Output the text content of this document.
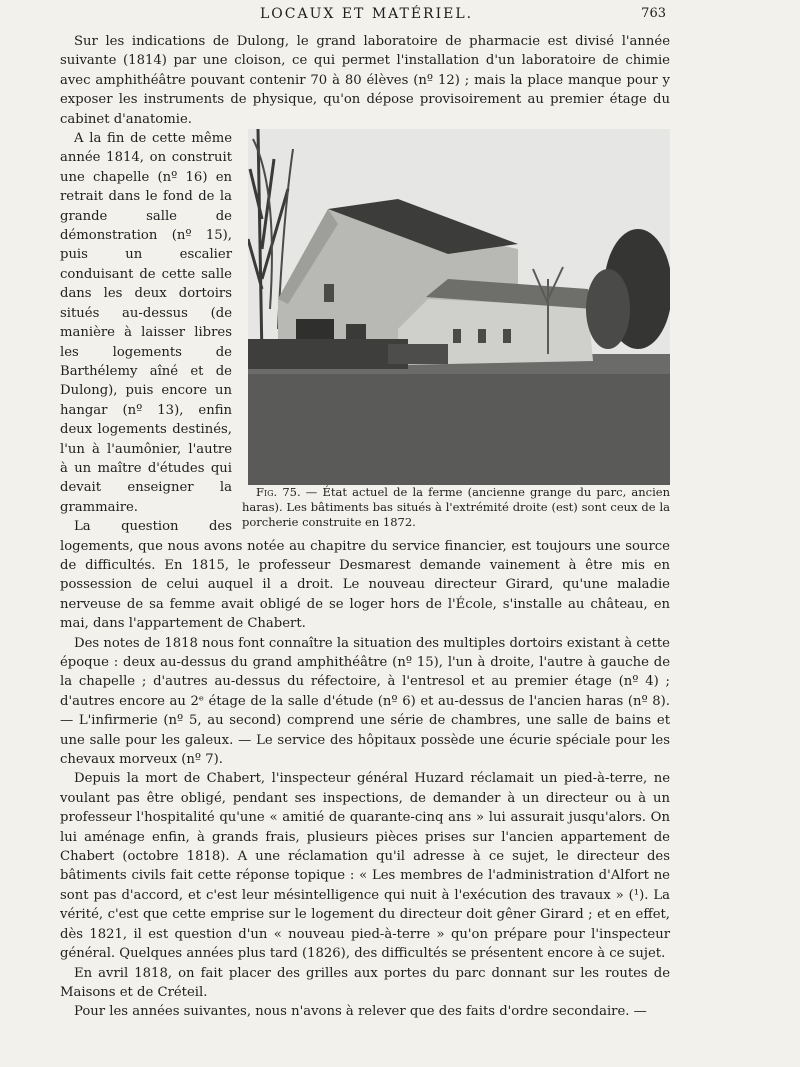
LOCAUX ET MATÉRIEL.	763

Sur les indications de Dulong, le grand laboratoire de pharmacie est divisé l'année suivante (1814) par une cloison, ce qui permet l'installation d'un laboratoire de chimie avec amphithéâtre pouvant contenir 70 à 80 élèves (nº 12) ; mais la place manque pour y exposer les instruments de physique, qu'on dépose provisoirement au premier étage du cabinet d'anatomie.

Fig. 75. — État actuel de la ferme (ancienne grange du parc, ancien haras). Les bâtiments bas situés à l'extrémité droite (est) sont ceux de la porcherie construite en 1872.

A la fin de cette même année 1814, on construit une chapelle (nº 16) en retrait dans le fond de la grande salle de démonstration (nº 15), puis un escalier conduisant de cette salle dans les deux dortoirs situés au-dessus (de manière à laisser libres les logements de Barthélemy aîné et de Dulong), puis encore un hangar (nº 13), enfin deux logements destinés, l'un à l'aumônier, l'autre à un maître d'études qui devait enseigner la grammaire.

La question des logements, que nous avons notée au chapitre du service financier, est toujours une source de difficultés. En 1815, le professeur Desmarest demande vainement à être mis en possession de celui auquel il a droit. Le nouveau directeur Girard, qu'une maladie nerveuse de sa femme avait obligé de se loger hors de l'École, s'installe au château, en mai, dans l'appartement de Chabert.

Des notes de 1818 nous font connaître la situation des multiples dortoirs existant à cette époque : deux au-dessus du grand amphithéâtre (nº 15), l'un à droite, l'autre à gauche de la chapelle ; d'autres au-dessus du réfectoire, à l'entresol et au premier étage (nº 4) ; d'autres encore au 2ᵉ étage de la salle d'étude (nº 6) et au-dessus de l'ancien haras (nº 8). — L'infirmerie (nº 5, au second) comprend une série de chambres, une salle de bains et une salle pour les galeux. — Le service des hôpitaux possède une écurie spéciale pour les chevaux morveux (nº 7).

Depuis la mort de Chabert, l'inspecteur général Huzard réclamait un pied-à-terre, ne voulant pas être obligé, pendant ses inspections, de demander à un directeur ou à un professeur l'hospitalité qu'une « amitié de quarante-cinq ans » lui assurait jusqu'alors. On lui aménage enfin, à grands frais, plusieurs pièces prises sur l'ancien appartement de Chabert (octobre 1818). A une réclamation qu'il adresse à ce sujet, le directeur des bâtiments civils fait cette réponse topique : « Les membres de l'administration d'Alfort ne sont pas d'accord, et c'est leur mésintelligence qui nuit à l'exécution des travaux » (¹). La vérité, c'est que cette emprise sur le logement du directeur doit gêner Girard ; et en effet, dès 1821, il est question d'un « nouveau pied-à-terre » qu'on prépare pour l'inspecteur général. Quelques années plus tard (1826), des difficultés se présentent encore à ce sujet.

En avril 1818, on fait placer des grilles aux portes du parc donnant sur les routes de Maisons et de Créteil.

Pour les années suivantes, nous n'avons à relever que des faits d'ordre secondaire. —
